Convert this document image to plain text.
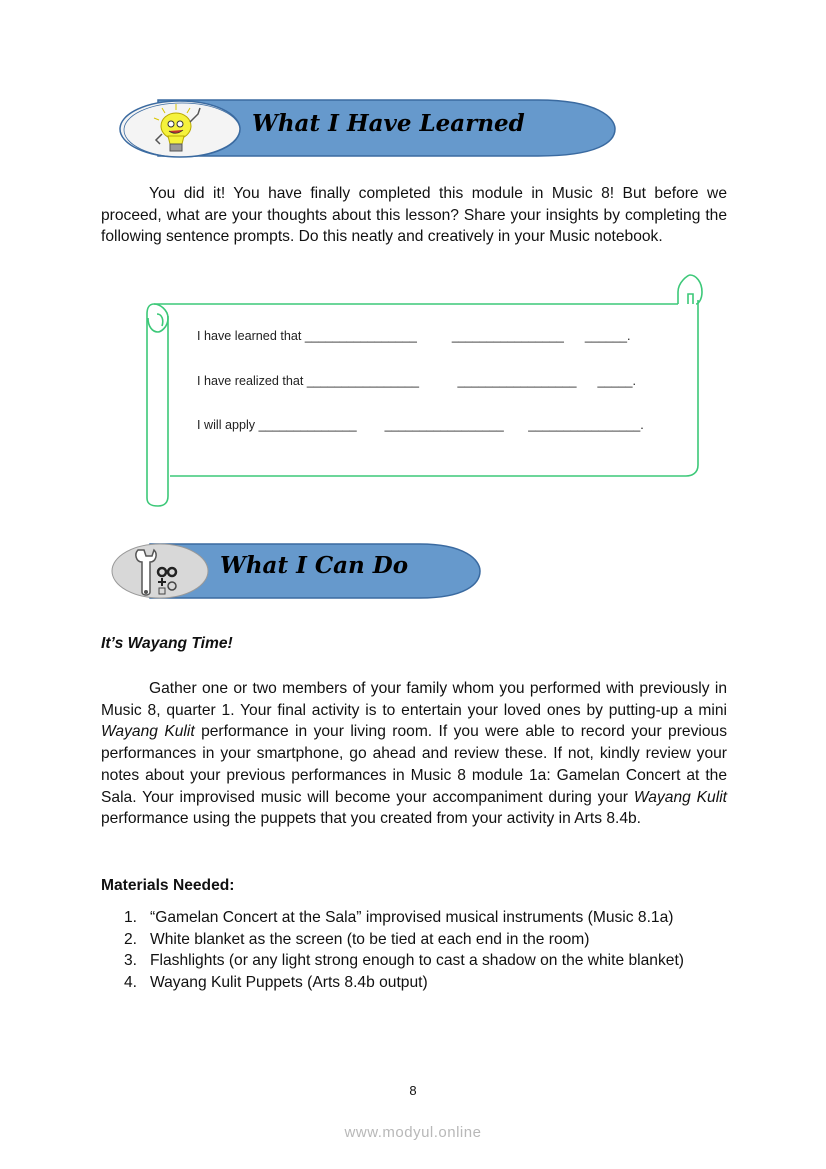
What I Have Learned
You did it! You have finally completed this module in Music 8! But before we proceed, what are your thoughts about this lesson? Share your insights by completing the following sentence prompts. Do this neatly and creatively in your Music notebook.
I have learned that ________________          ________________      ______.
I have realized that ________________           _________________      _____.
I will apply ______________        _________________       ________________.
What I Can Do
It’s Wayang Time!
Gather one or two members of your family whom you performed with previously in Music 8, quarter 1. Your final activity is to entertain your loved ones by putting-up a mini Wayang Kulit performance in your living room. If you were able to record your previous performances in your smartphone, go ahead and review these. If not, kindly review your notes about your previous performances in Music 8 module 1a: Gamelan Concert at the Sala. Your improvised music will become your accompaniment during your Wayang Kulit performance using the puppets that you created from your activity in Arts 8.4b.
Materials Needed:
1. “Gamelan Concert at the Sala” improvised musical instruments (Music 8.1a)
2. White blanket as the screen (to be tied at each end in the room)
3. Flashlights (or any light strong enough to cast a shadow on the white blanket)
4. Wayang Kulit Puppets (Arts 8.4b output)
8
www.modyul.online
